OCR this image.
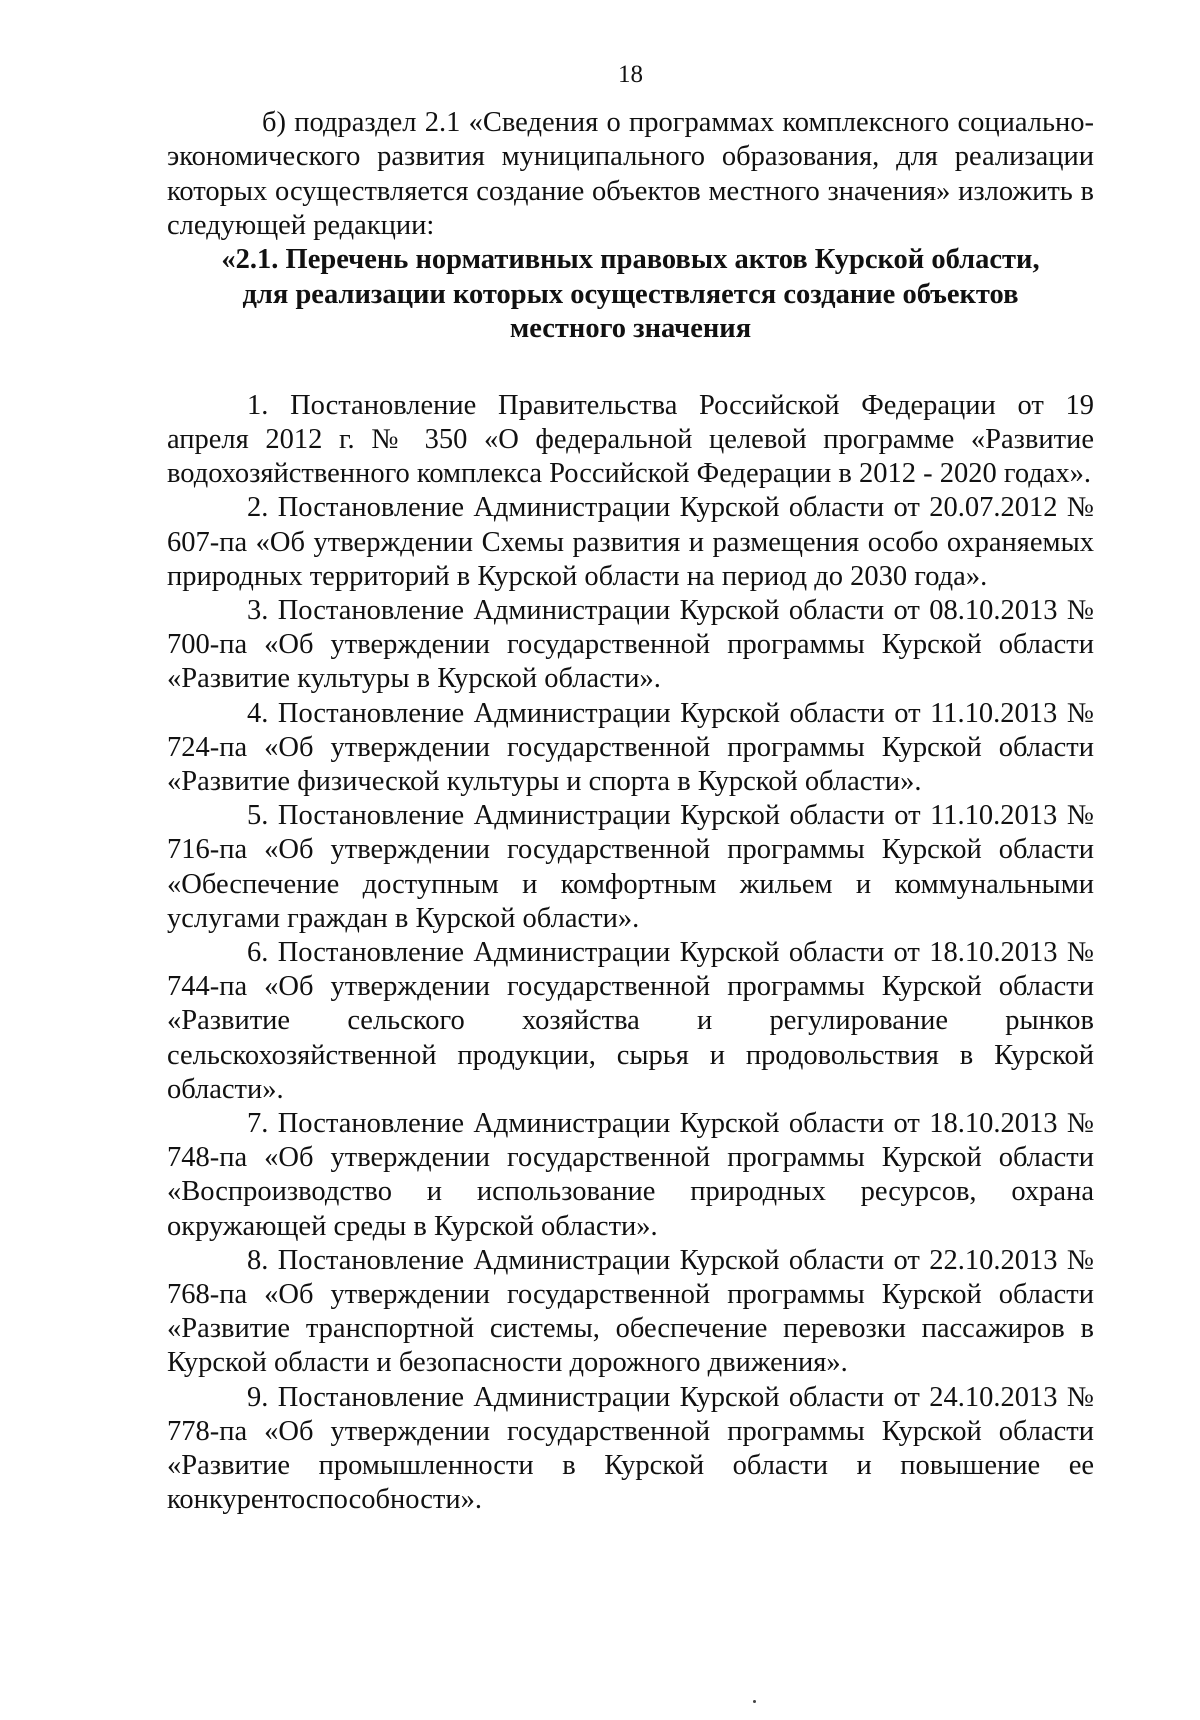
18

б) подраздел 2.1 «Сведения о программах комплексного социально-экономического развития муниципального образования, для реализации которых осуществляется создание объектов местного значения» изложить в следующей редакции:

«2.1. Перечень нормативных правовых актов Курской области,
для реализации которых осуществляется создание объектов
местного значения

1. Постановление Правительства Российской Федерации от 19 апреля 2012 г. № 350 «О федеральной целевой программе «Развитие водохозяйственного комплекса Российской Федерации в 2012 - 2020 годах».

2. Постановление Администрации Курской области от 20.07.2012 № 607-па «Об утверждении Схемы развития и размещения особо охраняемых природных территорий в Курской области на период до 2030 года».

3. Постановление Администрации Курской области от 08.10.2013 № 700-па «Об утверждении государственной программы Курской области «Развитие культуры в Курской области».

4. Постановление Администрации Курской области от 11.10.2013 № 724-па «Об утверждении государственной программы Курской области «Развитие физической культуры и спорта в Курской области».

5. Постановление Администрации Курской области от 11.10.2013 № 716-па «Об утверждении государственной программы Курской области «Обеспечение доступным и комфортным жильем и коммунальными услугами граждан в Курской области».

6. Постановление Администрации Курской области от 18.10.2013 № 744-па «Об утверждении государственной программы Курской области «Развитие сельского хозяйства и регулирование рынков сельскохозяйственной продукции, сырья и продовольствия в Курской области».

7. Постановление Администрации Курской области от 18.10.2013 № 748-па «Об утверждении государственной программы Курской области «Воспроизводство и использование природных ресурсов, охрана окружающей среды в Курской области».

8. Постановление Администрации Курской области от 22.10.2013 № 768-па «Об утверждении государственной программы Курской области «Развитие транспортной системы, обеспечение перевозки пассажиров в Курской области и безопасности дорожного движения».

9. Постановление Администрации Курской области от 24.10.2013 № 778-па «Об утверждении государственной программы Курской области «Развитие промышленности в Курской области и повышение ее конкурентоспособности».
